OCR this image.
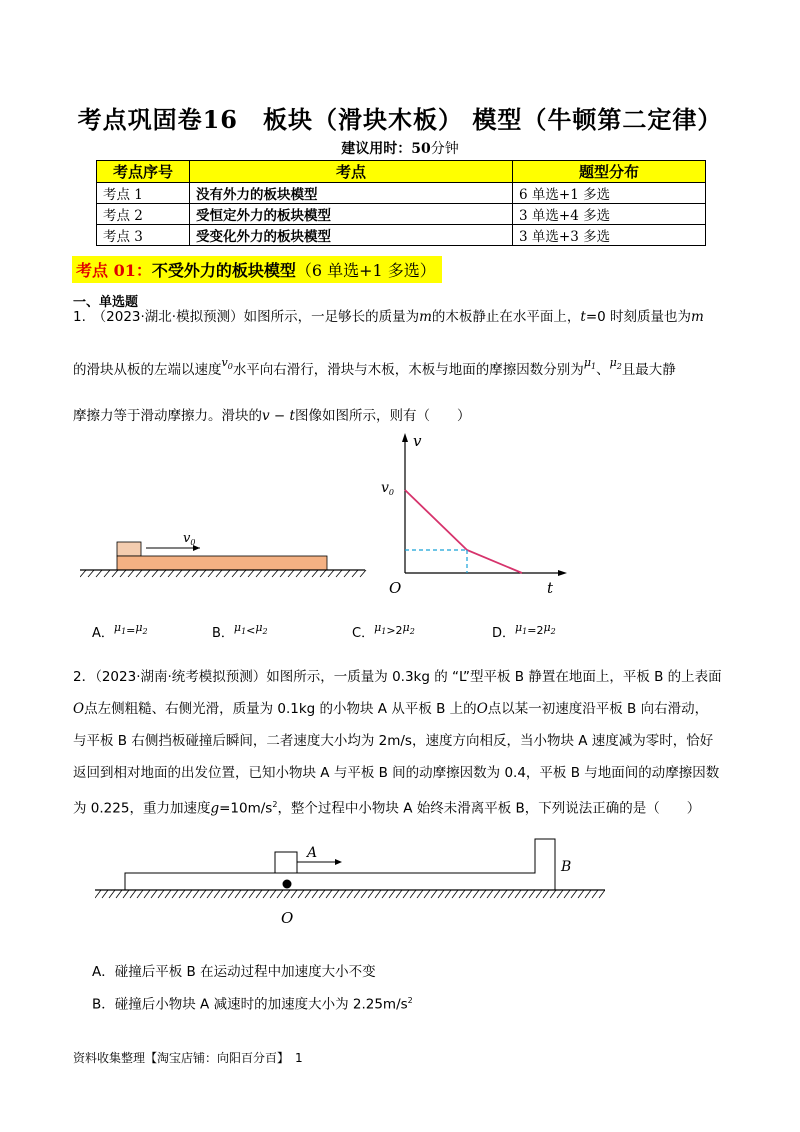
考点巩固卷16　板块（滑块木板） 模型（牛顿第二定律）
建议用时：50分钟
考点序号	考点	题型分布
考点 1	没有外力的板块模型	6 单选+1 多选
考点 2	受恒定外力的板块模型	3 单选+4 多选
考点 3	受变化外力的板块模型	3 单选+3 多选
考点 01：不受外力的板块模型（6 单选+1 多选）
一、单选题
1.　 （2023·湖北·模拟预测）如图所示，一足够长的质量为m的木板静止在水平面上，t=0 时刻质量也为m
的滑块从板的左端以速度$^{v_0}$水平向右滑行，滑块与木板，木板与地面的摩擦因数分别为$^{\mu_1}$、$^{\mu_2}$且最大静
摩擦力等于滑动摩擦力。滑块的v − t图像如图所示，则有（　　）
$v_0$
v
t
O
$v_0$
A．$^{\mu_1=\mu_2}$	B．$^{\mu_1<\mu_2}$	C．$^{\mu_1>2\mu_2}$	D．$^{\mu_1=2\mu_2}$
2．（2023·湖南·统考模拟预测）如图所示，一质量为 0.3kg 的 “L”型平板 B 静置在地面上，平板 B 的上表面
O点左侧粗糙、右侧光滑，质量为 0.1kg 的小物块 A 从平板 B 上的O点以某一初速度沿平板 B 向右滑动，
与平板 B 右侧挡板碰撞后瞬间，二者速度大小均为 2m/s，速度方向相反，当小物块 A 速度减为零时，恰好
返回到相对地面的出发位置，已知小物块 A 与平板 B 间的动摩擦因数为 0.4，平板 B 与地面间的动摩擦因数
为 0.225，重力加速度$g=10m/s^2$，整个过程中小物块 A 始终未滑离平板 B，下列说法正确的是（　　）
A
B
O
A．碰撞后平板 B 在运动过程中加速度大小不变
B．碰撞后小物块 A 减速时的加速度大小为 $2.25m/s^2$
资料收集整理【淘宝店铺：向阳百分百】　1
